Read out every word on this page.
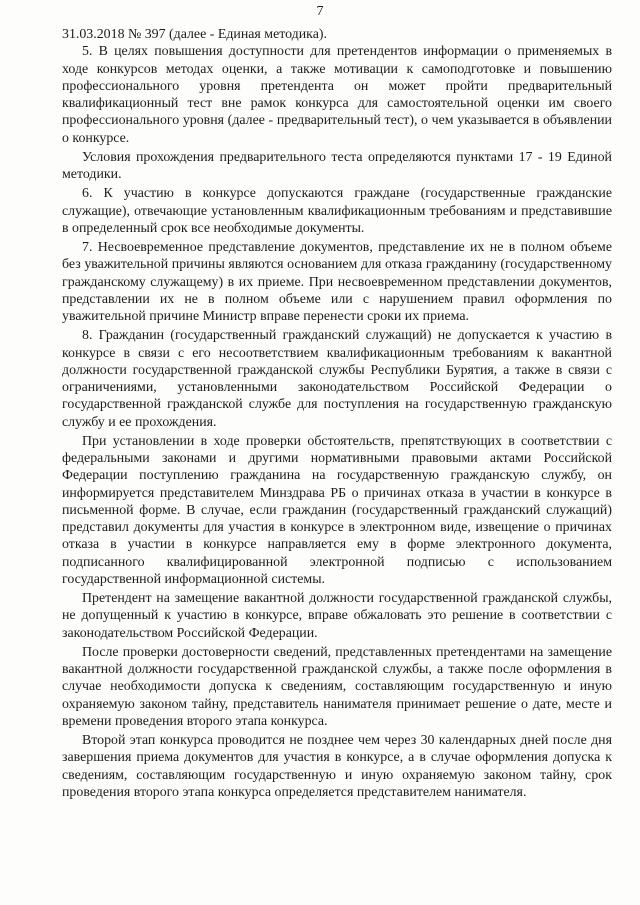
7

31.03.2018 № 397 (далее - Единая методика).

5. В целях повышения доступности для претендентов информации о применяемых в ходе конкурсов методах оценки, а также мотивации к самоподготовке и повышению профессионального уровня претендента он может пройти предварительный квалификационный тест вне рамок конкурса для самостоятельной оценки им своего профессионального уровня (далее - предварительный тест), о чем указывается в объявлении о конкурсе.

Условия прохождения предварительного теста определяются пунктами 17 - 19 Единой методики.

6. К участию в конкурсе допускаются граждане (государственные гражданские служащие), отвечающие установленным квалификационным требованиям и представившие в определенный срок все необходимые документы.

7. Несвоевременное представление документов, представление их не в полном объеме без уважительной причины являются основанием для отказа гражданину (государственному гражданскому служащему) в их приеме. При несвоевременном представлении документов, представлении их не в полном объеме или с нарушением правил оформления по уважительной причине Министр вправе перенести сроки их приема.

8. Гражданин (государственный гражданский служащий) не допускается к участию в конкурсе в связи с его несоответствием квалификационным требованиям к вакантной должности государственной гражданской службы Республики Бурятия, а также в связи с ограничениями, установленными законодательством Российской Федерации о государственной гражданской службе для поступления на государственную гражданскую службу и ее прохождения.

При установлении в ходе проверки обстоятельств, препятствующих в соответствии с федеральными законами и другими нормативными правовыми актами Российской Федерации поступлению гражданина на государственную гражданскую службу, он информируется представителем Минздрава РБ о причинах отказа в участии в конкурсе в письменной форме. В случае, если гражданин (государственный гражданский служащий) представил документы для участия в конкурсе в электронном виде, извещение о причинах отказа в участии в конкурсе направляется ему в форме электронного документа, подписанного квалифицированной электронной подписью с использованием государственной информационной системы.

Претендент на замещение вакантной должности государственной гражданской службы, не допущенный к участию в конкурсе, вправе обжаловать это решение в соответствии с законодательством Российской Федерации.

После проверки достоверности сведений, представленных претендентами на замещение вакантной должности государственной гражданской службы, а также после оформления в случае необходимости допуска к сведениям, составляющим государственную и иную охраняемую законом тайну, представитель нанимателя принимает решение о дате, месте и времени проведения второго этапа конкурса.

Второй этап конкурса проводится не позднее чем через 30 календарных дней после дня завершения приема документов для участия в конкурсе, а в случае оформления допуска к сведениям, составляющим государственную и иную охраняемую законом тайну, срок проведения второго этапа конкурса определяется представителем нанимателя.
